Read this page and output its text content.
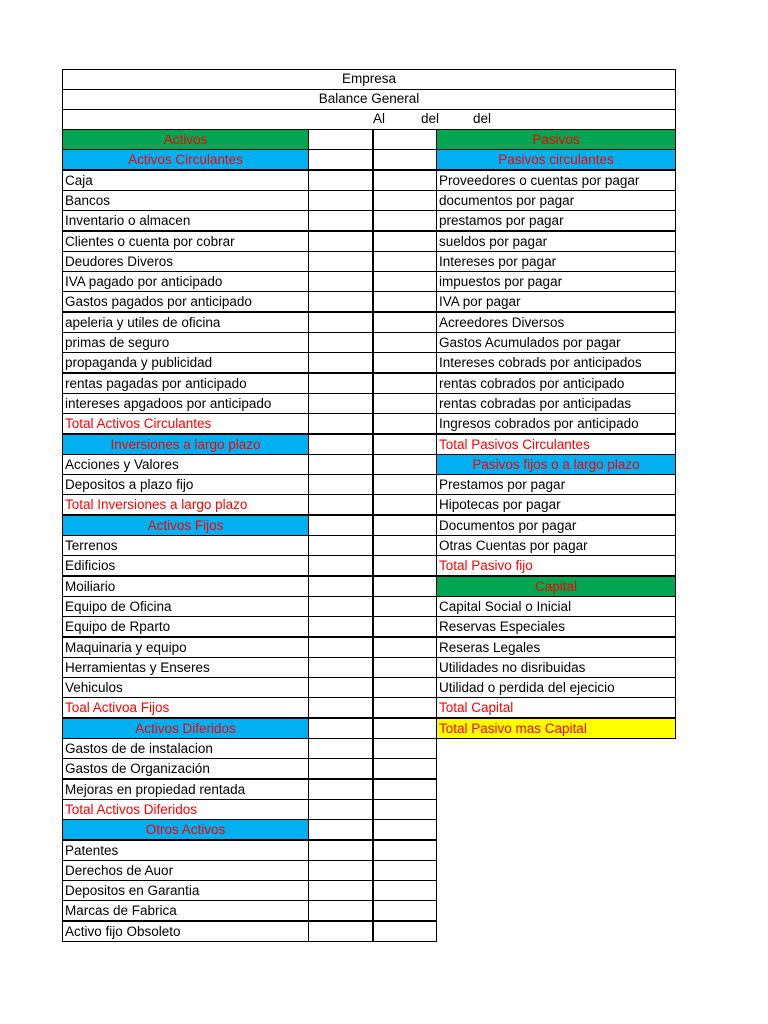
Empresa
Balance General
Al	del	del
Activos
Activos Circulantes
Caja
Bancos
Inventario o almacen
Clientes o cuenta por cobrar
Deudores Diveros
IVA pagado por anticipado
Gastos pagados por anticipado
apeleria y utiles de oficina
primas de seguro
propaganda y publicidad
rentas pagadas por anticipado
intereses apgadoos por anticipado
Total Activos Circulantes
Inversiones a largo plazo
Acciones y Valores
Depositos a plazo fijo
Total Inversiones a largo plazo
Activos Fijos
Terrenos
Edificios
Moiliario
Equipo de Oficina
Equipo de Rparto
Maquinaria y equipo
Herramientas y Enseres
Vehiculos
Toal Activoa Fijos
Activos Diferidos
Gastos de de instalacion
Gastos de Organización
Mejoras en propiedad rentada
Total Activos Diferidos
Otros Activos
Patentes
Derechos de Auor
Depositos en Garantia
Marcas de Fabrica
Activo fijo Obsoleto
Pasivos
Pasivos circulantes
Proveedores o cuentas por pagar
documentos por pagar
prestamos por pagar
sueldos por pagar
Intereses por pagar
impuestos por pagar
IVA por pagar
Acreedores Diversos
Gastos Acumulados por pagar
Intereses cobrads por anticipados
rentas cobrados por anticipado
rentas cobradas por anticipadas
Ingresos cobrados por anticipado
Total Pasivos Circulantes
Pasivos fijos o a largo plazo
Prestamos por pagar
Hipotecas por pagar
Documentos por pagar
Otras Cuentas por pagar
Total Pasivo fijo
Capital
Capital Social o Inicial
Reservas Especiales
Reseras Legales
Utilidades no disribuidas
Utilidad o perdida del ejecicio
Total Capital
Total Pasivo mas Capital
